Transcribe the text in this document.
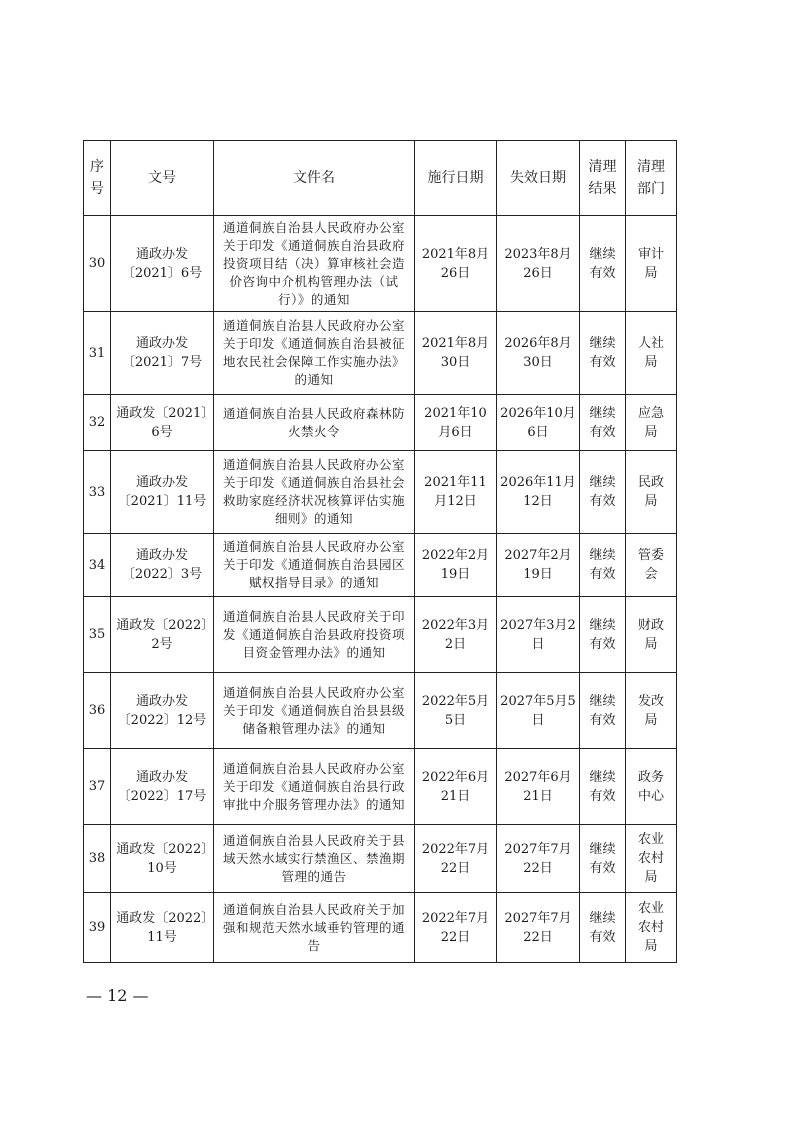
序号	文号	文件名	施行日期	失效日期	清理结果	清理部门
30	通政办发〔2021〕6号	通道侗族自治县人民政府办公室关于印发《通道侗族自治县政府投资项目结（决）算审核社会造价咨询中介机构管理办法（试行）》的通知	2021年8月26日	2023年8月26日	继续有效	审计局
31	通政办发〔2021〕7号	通道侗族自治县人民政府办公室关于印发《通道侗族自治县被征地农民社会保障工作实施办法》的通知	2021年8月30日	2026年8月30日	继续有效	人社局
32	通政发〔2021〕6号	通道侗族自治县人民政府森林防火禁火令	2021年10月6日	2026年10月6日	继续有效	应急局
33	通政办发〔2021〕11号	通道侗族自治县人民政府办公室关于印发《通道侗族自治县社会救助家庭经济状况核算评估实施细则》的通知	2021年11月12日	2026年11月12日	继续有效	民政局
34	通政办发〔2022〕3号	通道侗族自治县人民政府办公室关于印发《通道侗族自治县园区赋权指导目录》的通知	2022年2月19日	2027年2月19日	继续有效	管委会
35	通政发〔2022〕2号	通道侗族自治县人民政府关于印发《通道侗族自治县政府投资项目资金管理办法》的通知	2022年3月2日	2027年3月2日	继续有效	财政局
36	通政办发〔2022〕12号	通道侗族自治县人民政府办公室关于印发《通道侗族自治县县级储备粮管理办法》的通知	2022年5月5日	2027年5月5日	继续有效	发改局
37	通政办发〔2022〕17号	通道侗族自治县人民政府办公室关于印发《通道侗族自治县行政审批中介服务管理办法》的通知	2022年6月21日	2027年6月21日	继续有效	政务中心
38	通政发〔2022〕10号	通道侗族自治县人民政府关于县域天然水域实行禁渔区、禁渔期管理的通告	2022年7月22日	2027年7月22日	继续有效	农业农村局
39	通政发〔2022〕11号	通道侗族自治县人民政府关于加强和规范天然水域垂钓管理的通告	2022年7月22日	2027年7月22日	继续有效	农业农村局
— 12 —
